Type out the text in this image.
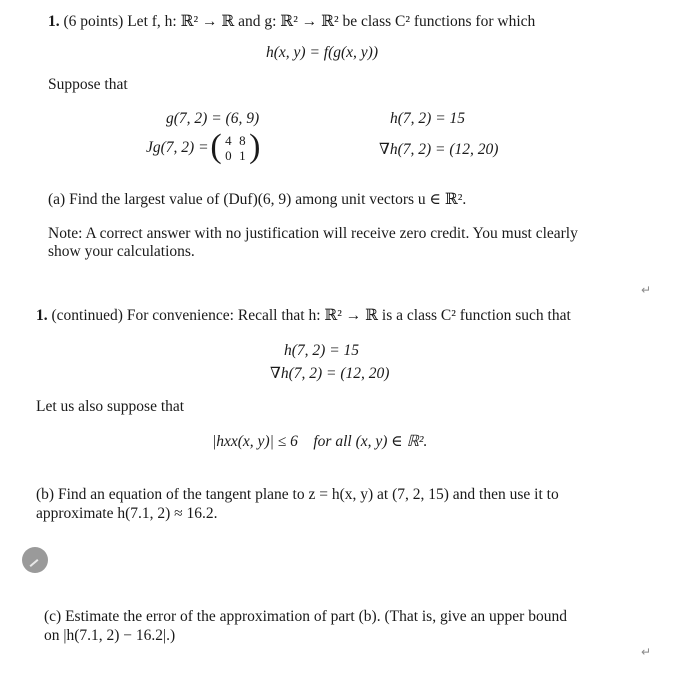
1. (6 points) Let f, h: ℝ² → ℝ and g: ℝ² → ℝ² be class C² functions for which
h(x, y) = f(g(x, y))
Suppose that
g(7, 2) = (6, 9)	h(7, 2) = 15
Jg(7, 2) = ( 4 8
0 1 )	∇h(7, 2) = (12, 20)
(a) Find the largest value of (Duf)(6, 9) among unit vectors u ∈ ℝ².
Note: A correct answer with no justification will receive zero credit. You must clearly
show your calculations.
↵
1. (continued) For convenience: Recall that h: ℝ² → ℝ is a class C² function such that
h(7, 2) = 15
∇h(7, 2) = (12, 20)
Let us also suppose that
|hxx(x, y)| ≤ 6    for all (x, y) ∈ ℝ².
(b) Find an equation of the tangent plane to z = h(x, y) at (7, 2, 15) and then use it to
approximate h(7.1, 2) ≈ 16.2.
(c) Estimate the error of the approximation of part (b). (That is, give an upper bound
on |h(7.1, 2) − 16.2|.)
↵
